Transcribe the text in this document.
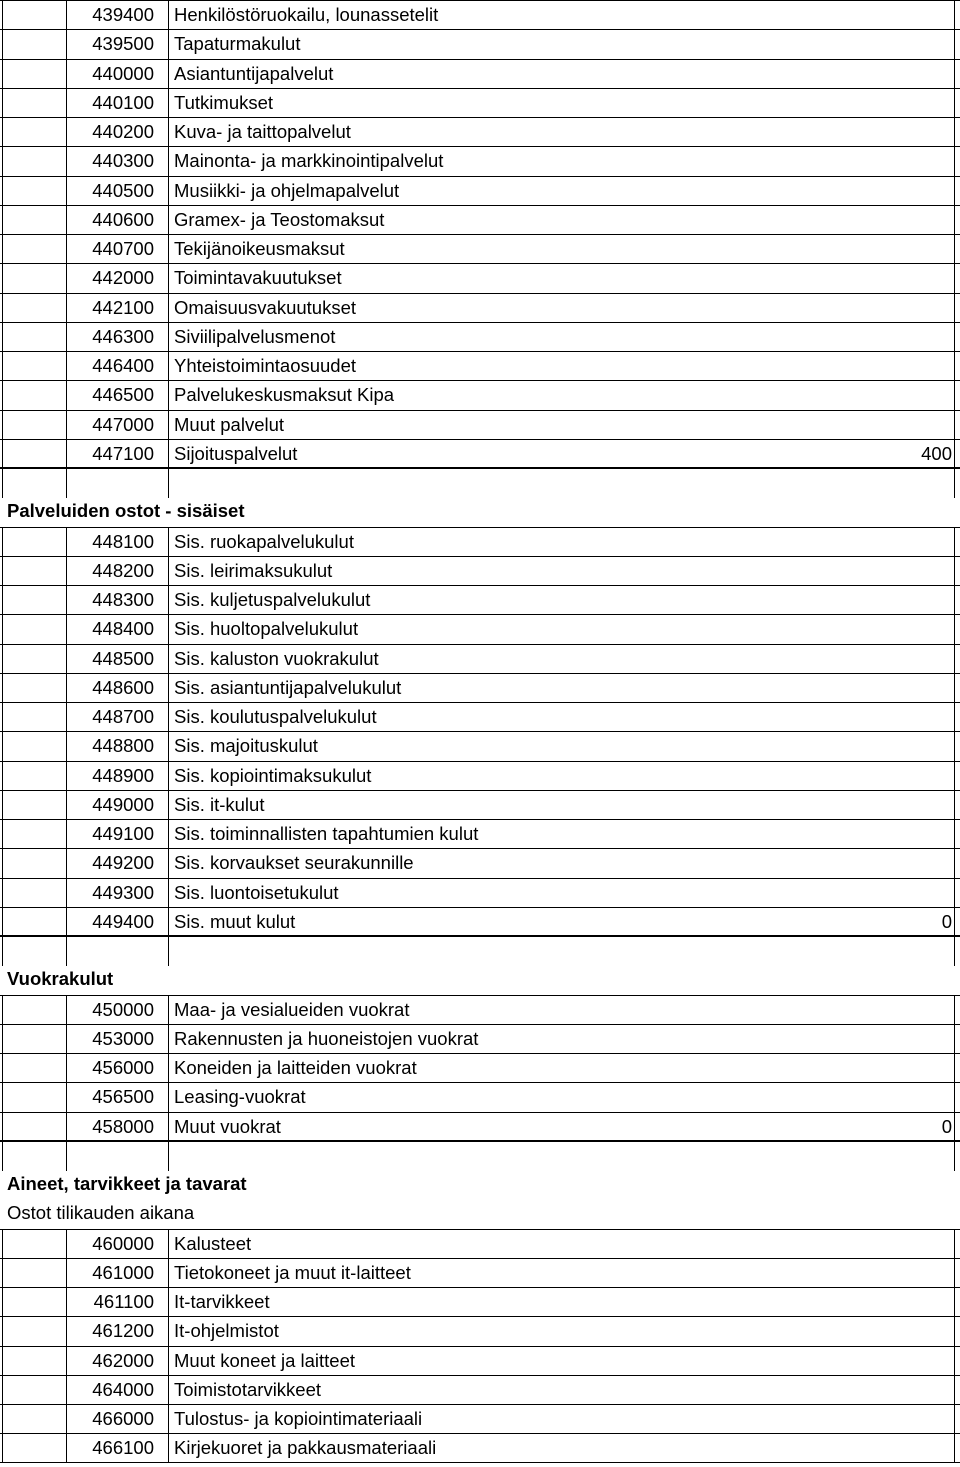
439400 Henkilöstöruokailu, lounassetelit
439500 Tapaturmakulut
440000 Asiantuntijapalvelut
440100 Tutkimukset
440200 Kuva- ja taittopalvelut
440300 Mainonta- ja markkinointipalvelut
440500 Musiikki- ja ohjelmapalvelut
440600 Gramex- ja Teostomaksut
440700 Tekijänoikeusmaksut
442000 Toimintavakuutukset
442100 Omaisuusvakuutukset
446300 Siviilipalvelusmenot
446400 Yhteistoimintaosuudet
446500 Palvelukeskusmaksut Kipa
447000 Muut palvelut
447100 Sijoituspalvelut	400
Palveluiden ostot - sisäiset
448100 Sis. ruokapalvelukulut
448200 Sis. leirimaksukulut
448300 Sis. kuljetuspalvelukulut
448400 Sis. huoltopalvelukulut
448500 Sis. kaluston vuokrakulut
448600 Sis. asiantuntijapalvelukulut
448700 Sis. koulutuspalvelukulut
448800 Sis. majoituskulut
448900 Sis. kopiointimaksukulut
449000 Sis. it-kulut
449100 Sis. toiminnallisten tapahtumien kulut
449200 Sis. korvaukset seurakunnille
449300 Sis. luontoisetukulut
449400 Sis. muut kulut	0
Vuokrakulut
450000 Maa- ja vesialueiden vuokrat
453000 Rakennusten ja huoneistojen vuokrat
456000 Koneiden ja laitteiden vuokrat
456500 Leasing-vuokrat
458000 Muut vuokrat	0
Aineet, tarvikkeet ja tavarat
Ostot tilikauden aikana
460000 Kalusteet
461000 Tietokoneet ja muut it-laitteet
461100 It-tarvikkeet
461200 It-ohjelmistot
462000 Muut koneet ja laitteet
464000 Toimistotarvikkeet
466000 Tulostus- ja kopiointimateriaali
466100 Kirjekuoret ja pakkausmateriaali
